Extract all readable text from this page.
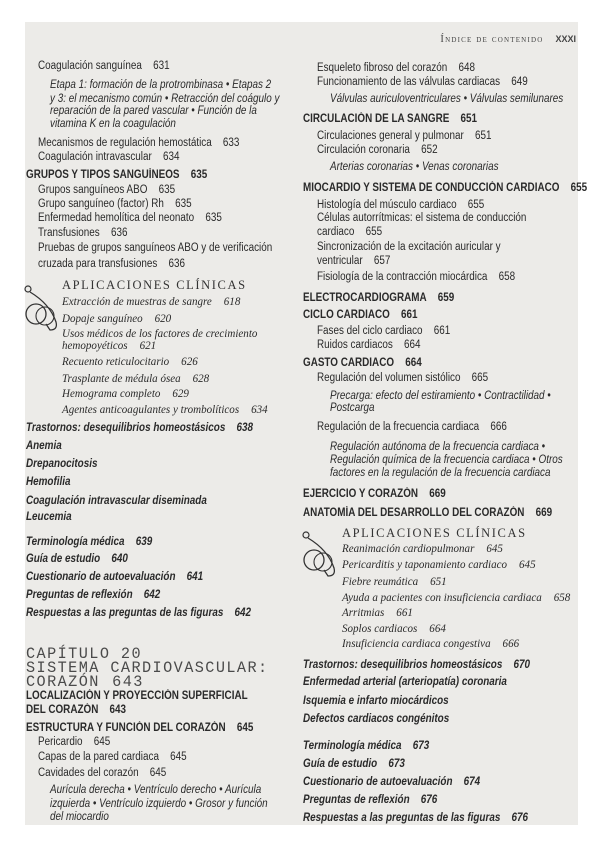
Índice de contenido XXXI
Coagulación sanguínea 631
Etapa 1: formación de la protrombinasa • Etapas 2
y 3: el mecanismo común • Retracción del coágulo y
reparación de la pared vascular • Función de la
vitamina K en la coagulación
Mecanismos de regulación hemostática 633
Coagulación intravascular 634
GRUPOS Y TIPOS SANGUÍNEOS 635
Grupos sanguíneos ABO 635
Grupo sanguíneo (factor) Rh 635
Enfermedad hemolítica del neonato 635
Transfusiones 636
Pruebas de grupos sanguíneos ABO y de verificación
cruzada para transfusiones 636
APLICACIONES CLÍNICAS
Extracción de muestras de sangre 618
Dopaje sanguíneo 620
Usos médicos de los factores de crecimiento
hemopoyéticos 621
Recuento reticulocitario 626
Trasplante de médula ósea 628
Hemograma completo 629
Agentes anticoagulantes y trombolíticos 634
Trastornos: desequilibrios homeostásicos 638
Anemia
Drepanocitosis
Hemofilia
Coagulación intravascular diseminada
Leucemia
Terminología médica 639
Guía de estudio 640
Cuestionario de autoevaluación 641
Preguntas de reflexión 642
Respuestas a las preguntas de las figuras 642
CAPÍTULO 20
SISTEMA CARDIOVASCULAR:
CORAZÓN 643
LOCALIZACIÓN Y PROYECCIÓN SUPERFICIAL
DEL CORAZÓN 643
ESTRUCTURA Y FUNCIÓN DEL CORAZÓN 645
Pericardio 645
Capas de la pared cardiaca 645
Cavidades del corazón 645
Aurícula derecha • Ventrículo derecho • Aurícula
izquierda • Ventrículo izquierdo • Grosor y función
del miocardio
Esqueleto fibroso del corazón 648
Funcionamiento de las válvulas cardiacas 649
Válvulas auriculoventriculares • Válvulas semilunares
CIRCULACIÓN DE LA SANGRE 651
Circulaciones general y pulmonar 651
Circulación coronaria 652
Arterias coronarias • Venas coronarias
MIOCARDIO Y SISTEMA DE CONDUCCIÓN CARDIACO 655
Histología del músculo cardiaco 655
Células autorrítmicas: el sistema de conducción
cardiaco 655
Sincronización de la excitación auricular y
ventricular 657
Fisiología de la contracción miocárdica 658
ELECTROCARDIOGRAMA 659
CICLO CARDIACO 661
Fases del ciclo cardiaco 661
Ruidos cardiacos 664
GASTO CARDIACO 664
Regulación del volumen sistólico 665
Precarga: efecto del estiramiento • Contractilidad •
Postcarga
Regulación de la frecuencia cardiaca 666
Regulación autónoma de la frecuencia cardiaca •
Regulación química de la frecuencia cardiaca • Otros
factores en la regulación de la frecuencia cardiaca
EJERCICIO Y CORAZÓN 669
ANATOMÍA DEL DESARROLLO DEL CORAZÓN 669
APLICACIONES CLÍNICAS
Reanimación cardiopulmonar 645
Pericarditis y taponamiento cardiaco 645
Fiebre reumática 651
Ayuda a pacientes con insuficiencia cardiaca 658
Arritmias 661
Soplos cardiacos 664
Insuficiencia cardiaca congestiva 666
Trastornos: desequilibrios homeostásicos 670
Enfermedad arterial (arteriopatía) coronaria
Isquemia e infarto miocárdicos
Defectos cardiacos congénitos
Terminología médica 673
Guía de estudio 673
Cuestionario de autoevaluación 674
Preguntas de reflexión 676
Respuestas a las preguntas de las figuras 676
